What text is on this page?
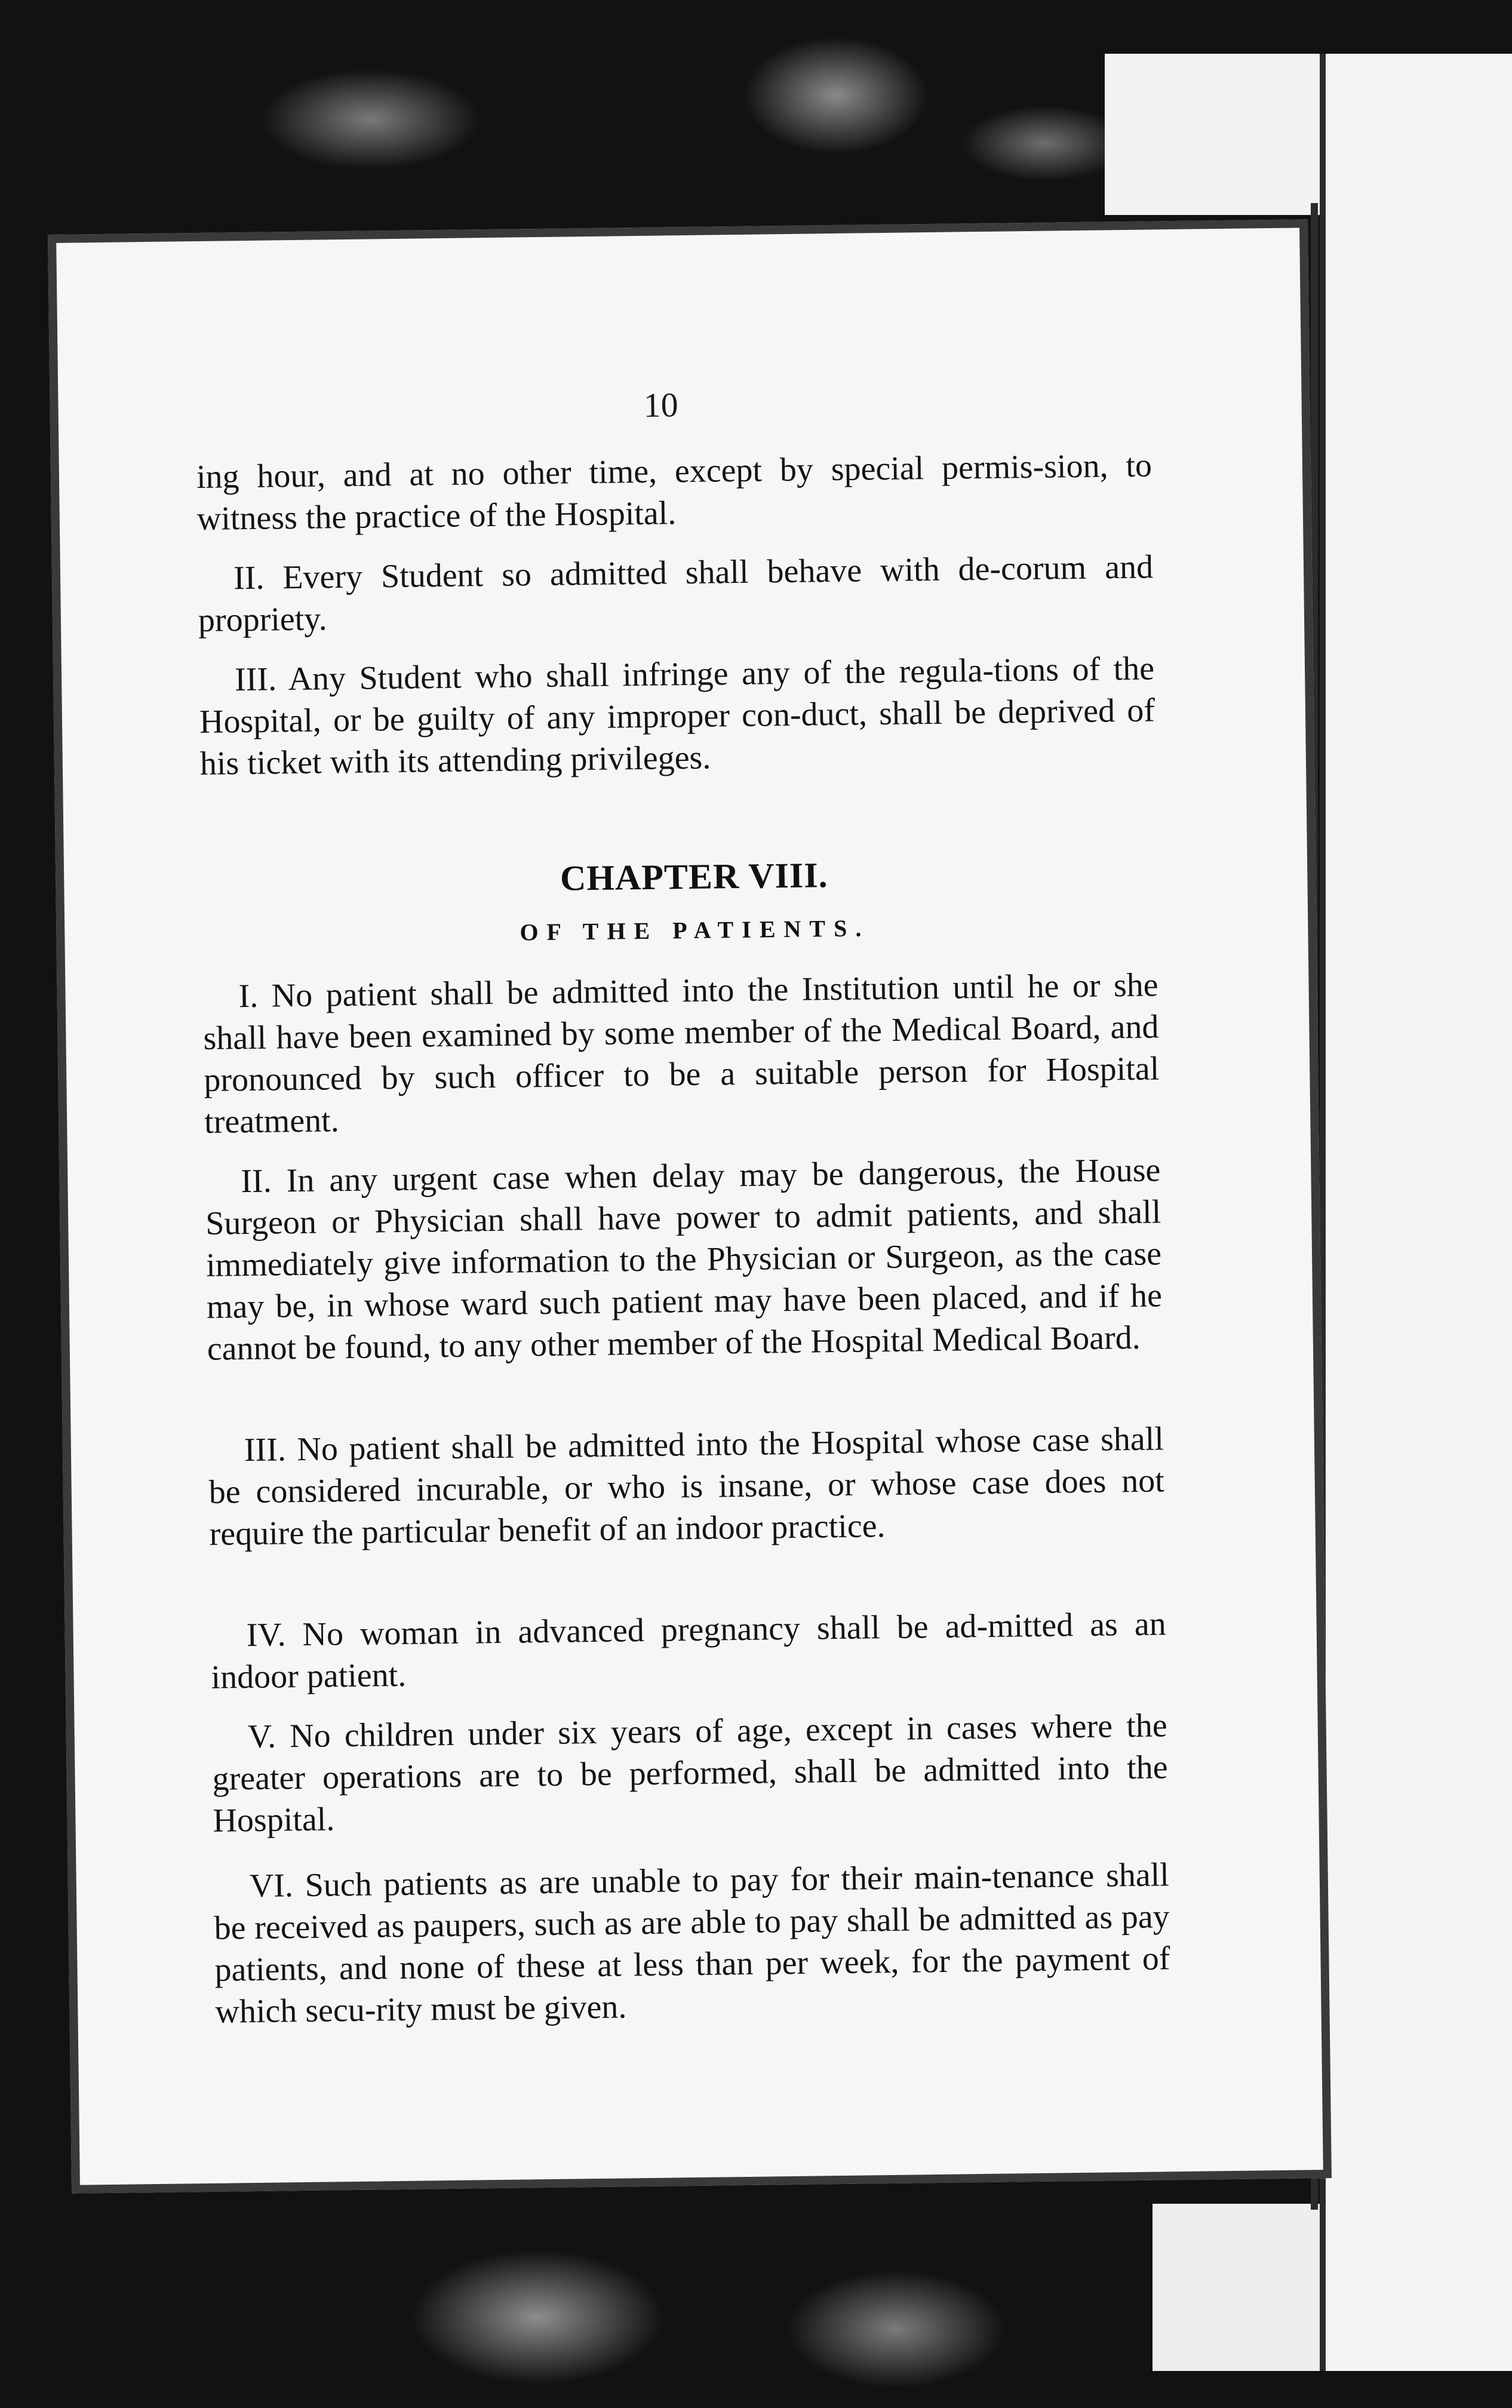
10
ing hour, and at no other time, except by special permis-sion, to witness the practice of the Hospital.
II. Every Student so admitted shall behave with de-corum and propriety.
III. Any Student who shall infringe any of the regula-tions of the Hospital, or be guilty of any improper con-duct, shall be deprived of his ticket with its attending privileges.
CHAPTER VIII.
OF THE PATIENTS.
I. No patient shall be admitted into the Institution until he or she shall have been examined by some member of the Medical Board, and pronounced by such officer to be a suitable person for Hospital treatment.
II. In any urgent case when delay may be dangerous, the House Surgeon or Physician shall have power to admit patients, and shall immediately give information to the Physician or Surgeon, as the case may be, in whose ward such patient may have been placed, and if he cannot be found, to any other member of the Hospital Medical Board.
III. No patient shall be admitted into the Hospital whose case shall be considered incurable, or who is insane, or whose case does not require the particular benefit of an indoor practice.
IV. No woman in advanced pregnancy shall be ad-mitted as an indoor patient.
V. No children under six years of age, except in cases where the greater operations are to be performed, shall be admitted into the Hospital.
VI. Such patients as are unable to pay for their main-tenance shall be received as paupers, such as are able to pay shall be admitted as pay patients, and none of these at less than per week, for the payment of which secu-rity must be given.
